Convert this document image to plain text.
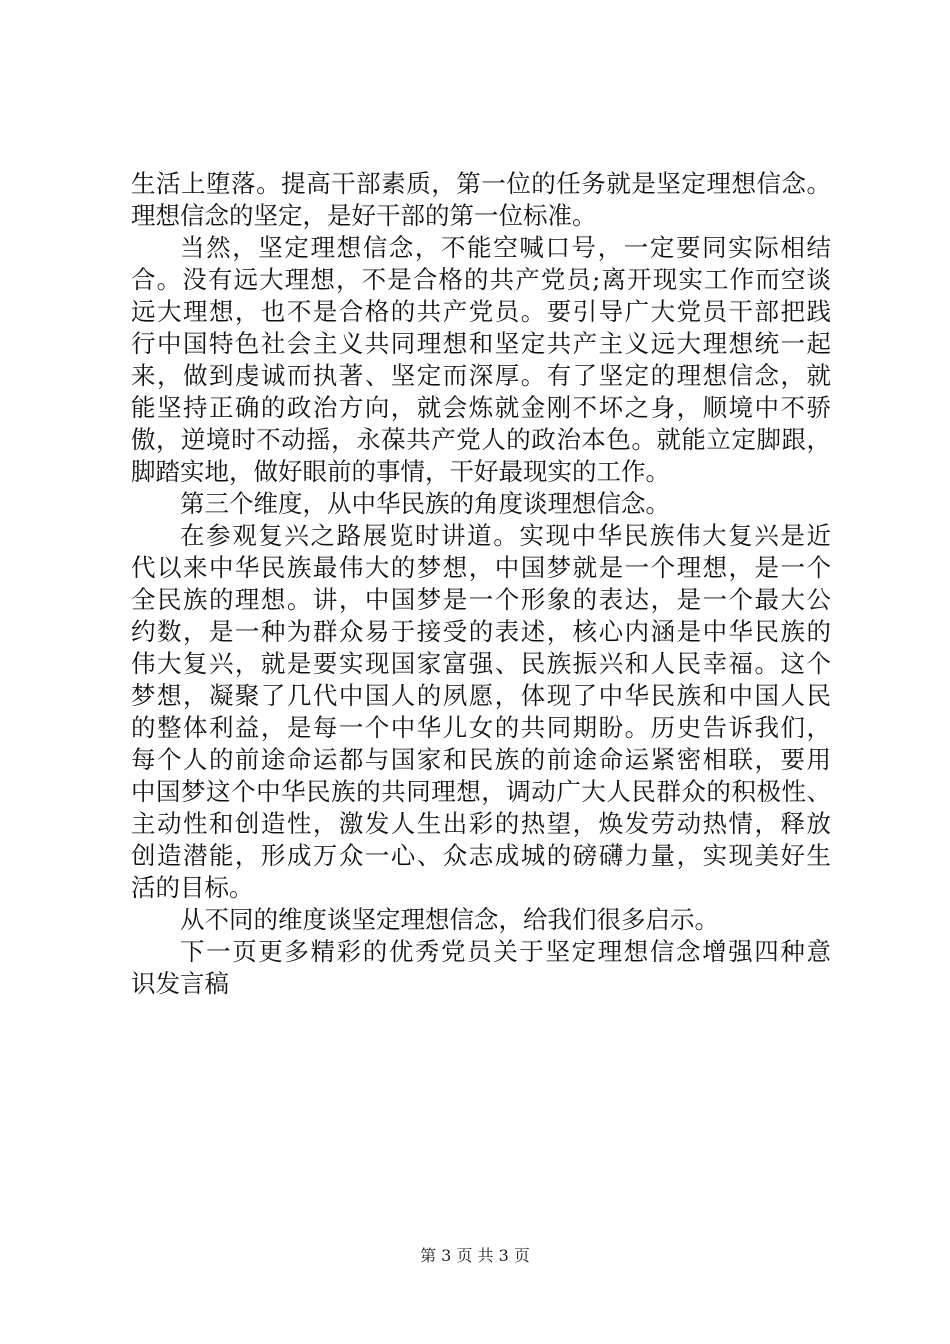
生活上堕落。提高干部素质，第一位的任务就是坚定理想信念。
理想信念的坚定，是好干部的第一位标准。
当然，坚定理想信念，不能空喊口号，一定要同实际相结
合。没有远大理想，不是合格的共产党员;离开现实工作而空谈
远大理想，也不是合格的共产党员。要引导广大党员干部把践
行中国特色社会主义共同理想和坚定共产主义远大理想统一起
来，做到虔诚而执著、坚定而深厚。有了坚定的理想信念，就
能坚持正确的政治方向，就会炼就金刚不坏之身，顺境中不骄
傲，逆境时不动摇，永葆共产党人的政治本色。就能立定脚跟，
脚踏实地，做好眼前的事情，干好最现实的工作。
第三个维度，从中华民族的角度谈理想信念。
在参观复兴之路展览时讲道。实现中华民族伟大复兴是近
代以来中华民族最伟大的梦想，中国梦就是一个理想，是一个
全民族的理想。讲，中国梦是一个形象的表达，是一个最大公
约数，是一种为群众易于接受的表述，核心内涵是中华民族的
伟大复兴，就是要实现国家富强、民族振兴和人民幸福。这个
梦想，凝聚了几代中国人的夙愿，体现了中华民族和中国人民
的整体利益，是每一个中华儿女的共同期盼。历史告诉我们，
每个人的前途命运都与国家和民族的前途命运紧密相联，要用
中国梦这个中华民族的共同理想，调动广大人民群众的积极性、
主动性和创造性，激发人生出彩的热望，焕发劳动热情，释放
创造潜能，形成万众一心、众志成城的磅礴力量，实现美好生
活的目标。
从不同的维度谈坚定理想信念，给我们很多启示。
下一页更多精彩的优秀党员关于坚定理想信念增强四种意
识发言稿
第 3 页 共 3 页
